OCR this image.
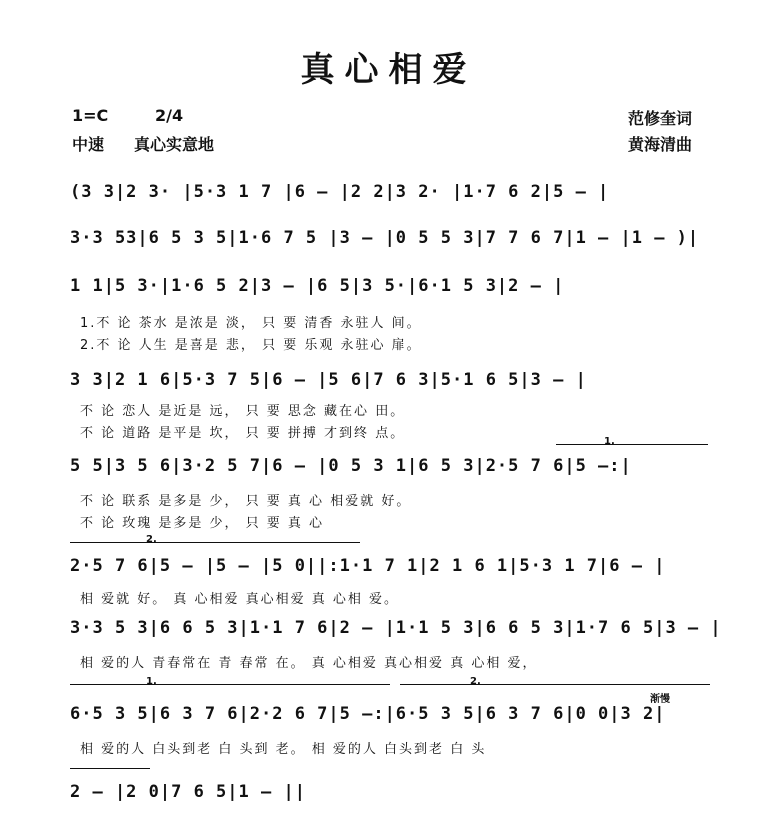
真心相爱
1=C	2/4
中速 真心实意地
范修奎词
黄海清曲
(3 3|2 3· |5·3 1 7 |6 — |2 2|3 2· |1·7 6 2|5 — |
3·3 53|6 5 3 5|1·6 7 5 |3 — |0 5 5 3|7 7 6 7|1 — |1 — )|
1 1|5 3·|1·6 5 2|3 — |6 5|3 5·|6·1 5 3|2 — |
1.不 论 茶水 是浓是 淡， 只 要 清香 永驻人 间。
2.不 论 人生 是喜是 悲， 只 要 乐观 永驻心 扉。
3 3|2 1 6|5·3 7 5|6 — |5 6|7 6 3|5·1 6 5|3 — |
不 论 恋人 是近是 远， 只 要 思念 藏在心 田。
不 论 道路 是平是 坎， 只 要 拼搏 才到终 点。
1.
5 5|3 5 6|3·2 5 7|6 — |0 5 3 1|6 5 3|2·5 7 6|5 —:|
不 论 联系 是多是 少， 只 要 真 心 相爱就 好。
不 论 玫瑰 是多是 少， 只 要 真 心
2.
2·5 7 6|5 — |5 — |5 0||:1·1 7 1|2 1 6 1|5·3 1 7|6 — |
相 爱就 好。 真 心相爱 真心相爱 真 心相 爱。
3·3 5 3|6 6 5 3|1·1 7 6|2 — |1·1 5 3|6 6 5 3|1·7 6 5|3 — |
相 爱的人 青春常在 青 春常 在。 真 心相爱 真心相爱 真 心相 爱，
1.	2.
渐慢
6·5 3 5|6 3 7 6|2·2 6 7|5 —:|6·5 3 5|6 3 7 6|0 0|3 2|
相 爱的人 白头到老 白 头到 老。 相 爱的人 白头到老 白 头
2 — |2 0|7 6 5|1 — ||
